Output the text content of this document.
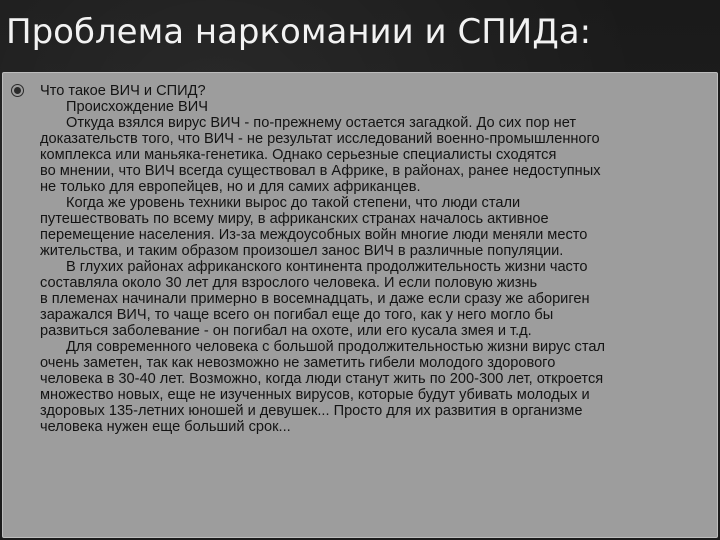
Проблема наркомании и СПИДа:
Что такое ВИЧ и СПИД?
Происхождение ВИЧ
Откуда взялся вирус ВИЧ - по-прежнему остается загадкой. До сих пор нет
доказательств того, что ВИЧ - не результат исследований военно-промышленного
комплекса или маньяка-генетика. Однако серьезные специалисты сходятся
во мнении, что ВИЧ всегда существовал в Африке, в районах, ранее недоступных
не только для европейцев, но и для самих африканцев.
Когда же уровень техники вырос до такой степени, что люди стали
путешествовать по всему миру, в африканских странах началось активное
перемещение населения. Из-за междоусобных войн многие люди меняли место
жительства, и таким образом произошел занос ВИЧ в различные популяции.
В глухих районах африканского континента продолжительность жизни часто
составляла около 30 лет для взрослого человека. И если половую жизнь
в племенах начинали примерно в восемнадцать, и даже если сразу же абориген
заражался ВИЧ, то чаще всего он погибал еще до того, как у него могло бы
развиться заболевание - он погибал на охоте, или его кусала змея и т.д.
Для современного человека с большой продолжительностью жизни вирус стал
очень заметен, так как невозможно не заметить гибели молодого здорового
человека в 30-40 лет. Возможно, когда люди станут жить по 200-300 лет, откроется
множество новых, еще не изученных вирусов, которые будут убивать молодых и
здоровых 135-летних юношей и девушек... Просто для их развития в организме
человека нужен еще больший срок...
